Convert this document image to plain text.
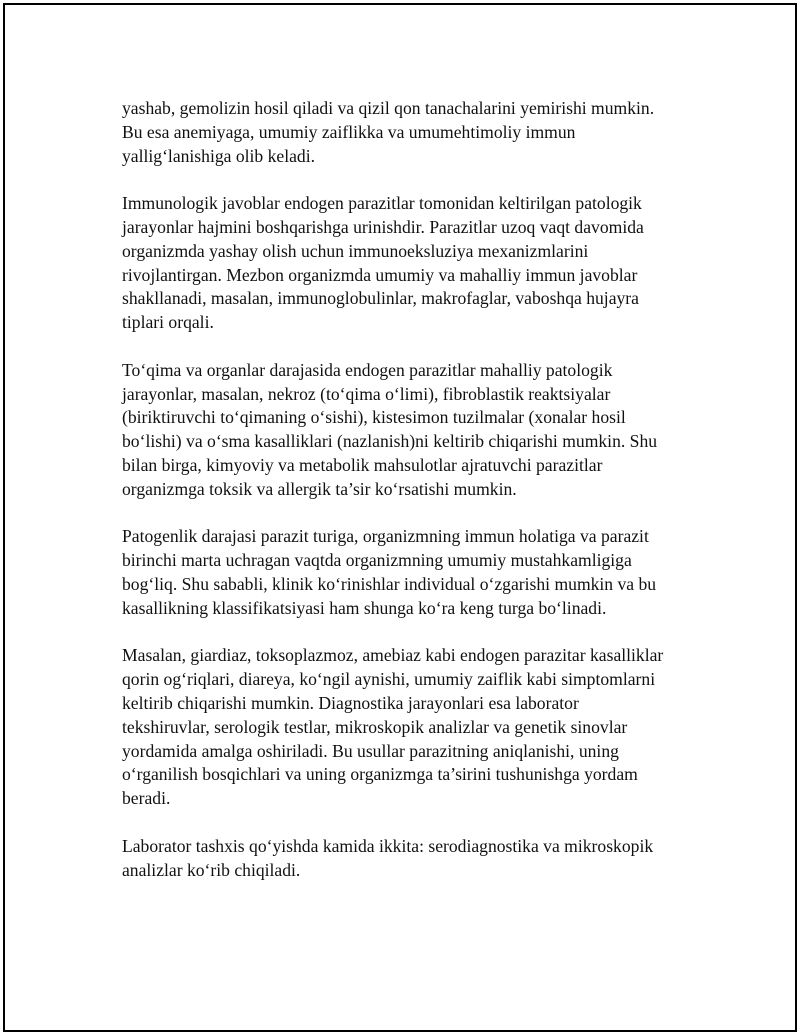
yashab, gemolizin hosil qiladi va qizil qon tanachalarini yemirishi mumkin.
Bu esa anemiyaga, umumiy zaiflikka va umumehtimoliy immun
yallig‘lanishiga olib keladi.

Immunologik javoblar endogen parazitlar tomonidan keltirilgan patologik
jarayonlar hajmini boshqarishga urinishdir. Parazitlar uzoq vaqt davomida
organizmda yashay olish uchun immunoeksluziya mexanizmlarini
rivojlantirgan. Mezbon organizmda umumiy va mahalliy immun javoblar
shakllanadi, masalan, immunoglobulinlar, makrofaglar, vaboshqa hujayra
tiplari orqali.

To‘qima va organlar darajasida endogen parazitlar mahalliy patologik
jarayonlar, masalan, nekroz (to‘qima o‘limi), fibroblastik reaktsiyalar
(biriktiruvchi to‘qimaning o‘sishi), kistesimon tuzilmalar (xonalar hosil
bo‘lishi) va o‘sma kasalliklari (nazlanish)ni keltirib chiqarishi mumkin. Shu
bilan birga, kimyoviy va metabolik mahsulotlar ajratuvchi parazitlar
organizmga toksik va allergik ta’sir ko‘rsatishi mumkin.

Patogenlik darajasi parazit turiga, organizmning immun holatiga va parazit
birinchi marta uchragan vaqtda organizmning umumiy mustahkamligiga
bog‘liq. Shu sababli, klinik ko‘rinishlar individual o‘zgarishi mumkin va bu
kasallikning klassifikatsiyasi ham shunga ko‘ra keng turga bo‘linadi.

Masalan, giardiaz, toksoplazmoz, amebiaz kabi endogen parazitar kasalliklar
qorin og‘riqlari, diareya, ko‘ngil aynishi, umumiy zaiflik kabi simptomlarni
keltirib chiqarishi mumkin. Diagnostika jarayonlari esa laborator
tekshiruvlar, serologik testlar, mikroskopik analizlar va genetik sinovlar
yordamida amalga oshiriladi. Bu usullar parazitning aniqlanishi, uning
o‘rganilish bosqichlari va uning organizmga ta’sirini tushunishga yordam
beradi.

Laborator tashxis qo‘yishda kamida ikkita: serodiagnostika va mikroskopik
analizlar ko‘rib chiqiladi.
